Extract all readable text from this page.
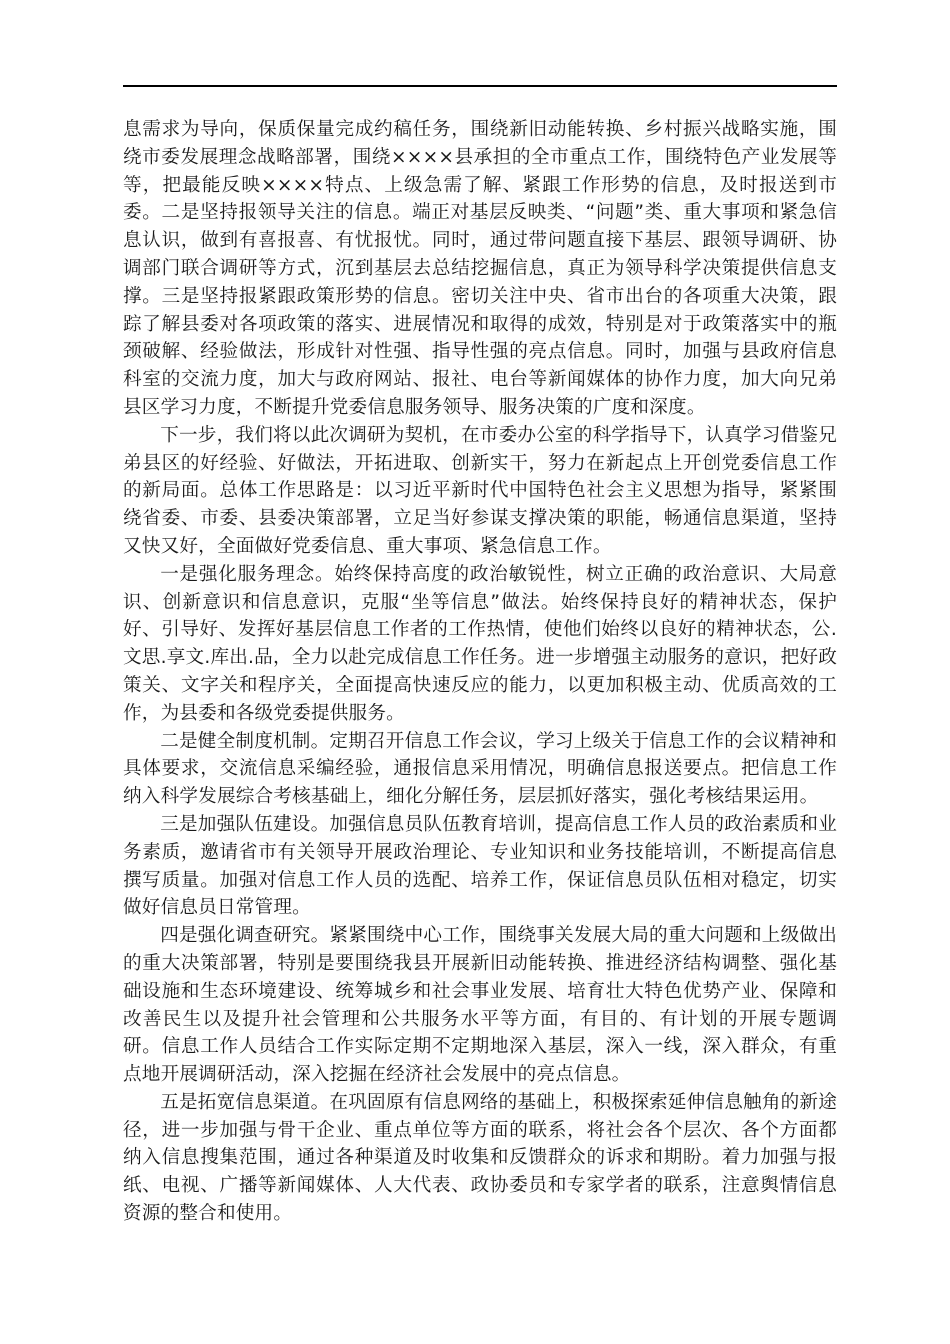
息需求为导向，保质保量完成约稿任务，围绕新旧动能转换、乡村振兴战略实施，围绕市委发展理念战略部署，围绕××××县承担的全市重点工作，围绕特色产业发展等等，把最能反映××××特点、上级急需了解、紧跟工作形势的信息，及时报送到市委。二是坚持报领导关注的信息。端正对基层反映类、“问题”类、重大事项和紧急信息认识，做到有喜报喜、有忧报忧。同时，通过带问题直接下基层、跟领导调研、协调部门联合调研等方式，沉到基层去总结挖掘信息，真正为领导科学决策提供信息支撑。三是坚持报紧跟政策形势的信息。密切关注中央、省市出台的各项重大决策，跟踪了解县委对各项政策的落实、进展情况和取得的成效，特别是对于政策落实中的瓶颈破解、经验做法，形成针对性强、指导性强的亮点信息。同时，加强与县政府信息科室的交流力度，加大与政府网站、报社、电台等新闻媒体的协作力度，加大向兄弟县区学习力度，不断提升党委信息服务领导、服务决策的广度和深度。

下一步，我们将以此次调研为契机，在市委办公室的科学指导下，认真学习借鉴兄弟县区的好经验、好做法，开拓进取、创新实干，努力在新起点上开创党委信息工作的新局面。总体工作思路是：以习近平新时代中国特色社会主义思想为指导，紧紧围绕省委、市委、县委决策部署，立足当好参谋支撑决策的职能，畅通信息渠道，坚持又快又好，全面做好党委信息、重大事项、紧急信息工作。

一是强化服务理念。始终保持高度的政治敏锐性，树立正确的政治意识、大局意识、创新意识和信息意识，克服“坐等信息”做法。始终保持良好的精神状态，保护好、引导好、发挥好基层信息工作者的工作热情，使他们始终以良好的精神状态，公.文思.享文.库出.品，全力以赴完成信息工作任务。进一步增强主动服务的意识，把好政策关、文字关和程序关，全面提高快速反应的能力，以更加积极主动、优质高效的工作，为县委和各级党委提供服务。

二是健全制度机制。定期召开信息工作会议，学习上级关于信息工作的会议精神和具体要求，交流信息采编经验，通报信息采用情况，明确信息报送要点。把信息工作纳入科学发展综合考核基础上，细化分解任务，层层抓好落实，强化考核结果运用。

三是加强队伍建设。加强信息员队伍教育培训，提高信息工作人员的政治素质和业务素质，邀请省市有关领导开展政治理论、专业知识和业务技能培训，不断提高信息撰写质量。加强对信息工作人员的选配、培养工作，保证信息员队伍相对稳定，切实做好信息员日常管理。

四是强化调查研究。紧紧围绕中心工作，围绕事关发展大局的重大问题和上级做出的重大决策部署，特别是要围绕我县开展新旧动能转换、推进经济结构调整、强化基础设施和生态环境建设、统筹城乡和社会事业发展、培育壮大特色优势产业、保障和改善民生以及提升社会管理和公共服务水平等方面，有目的、有计划的开展专题调研。信息工作人员结合工作实际定期不定期地深入基层，深入一线，深入群众，有重点地开展调研活动，深入挖掘在经济社会发展中的亮点信息。

五是拓宽信息渠道。在巩固原有信息网络的基础上，积极探索延伸信息触角的新途径，进一步加强与骨干企业、重点单位等方面的联系，将社会各个层次、各个方面都纳入信息搜集范围，通过各种渠道及时收集和反馈群众的诉求和期盼。着力加强与报纸、电视、广播等新闻媒体、人大代表、政协委员和专家学者的联系，注意舆情信息资源的整合和使用。
